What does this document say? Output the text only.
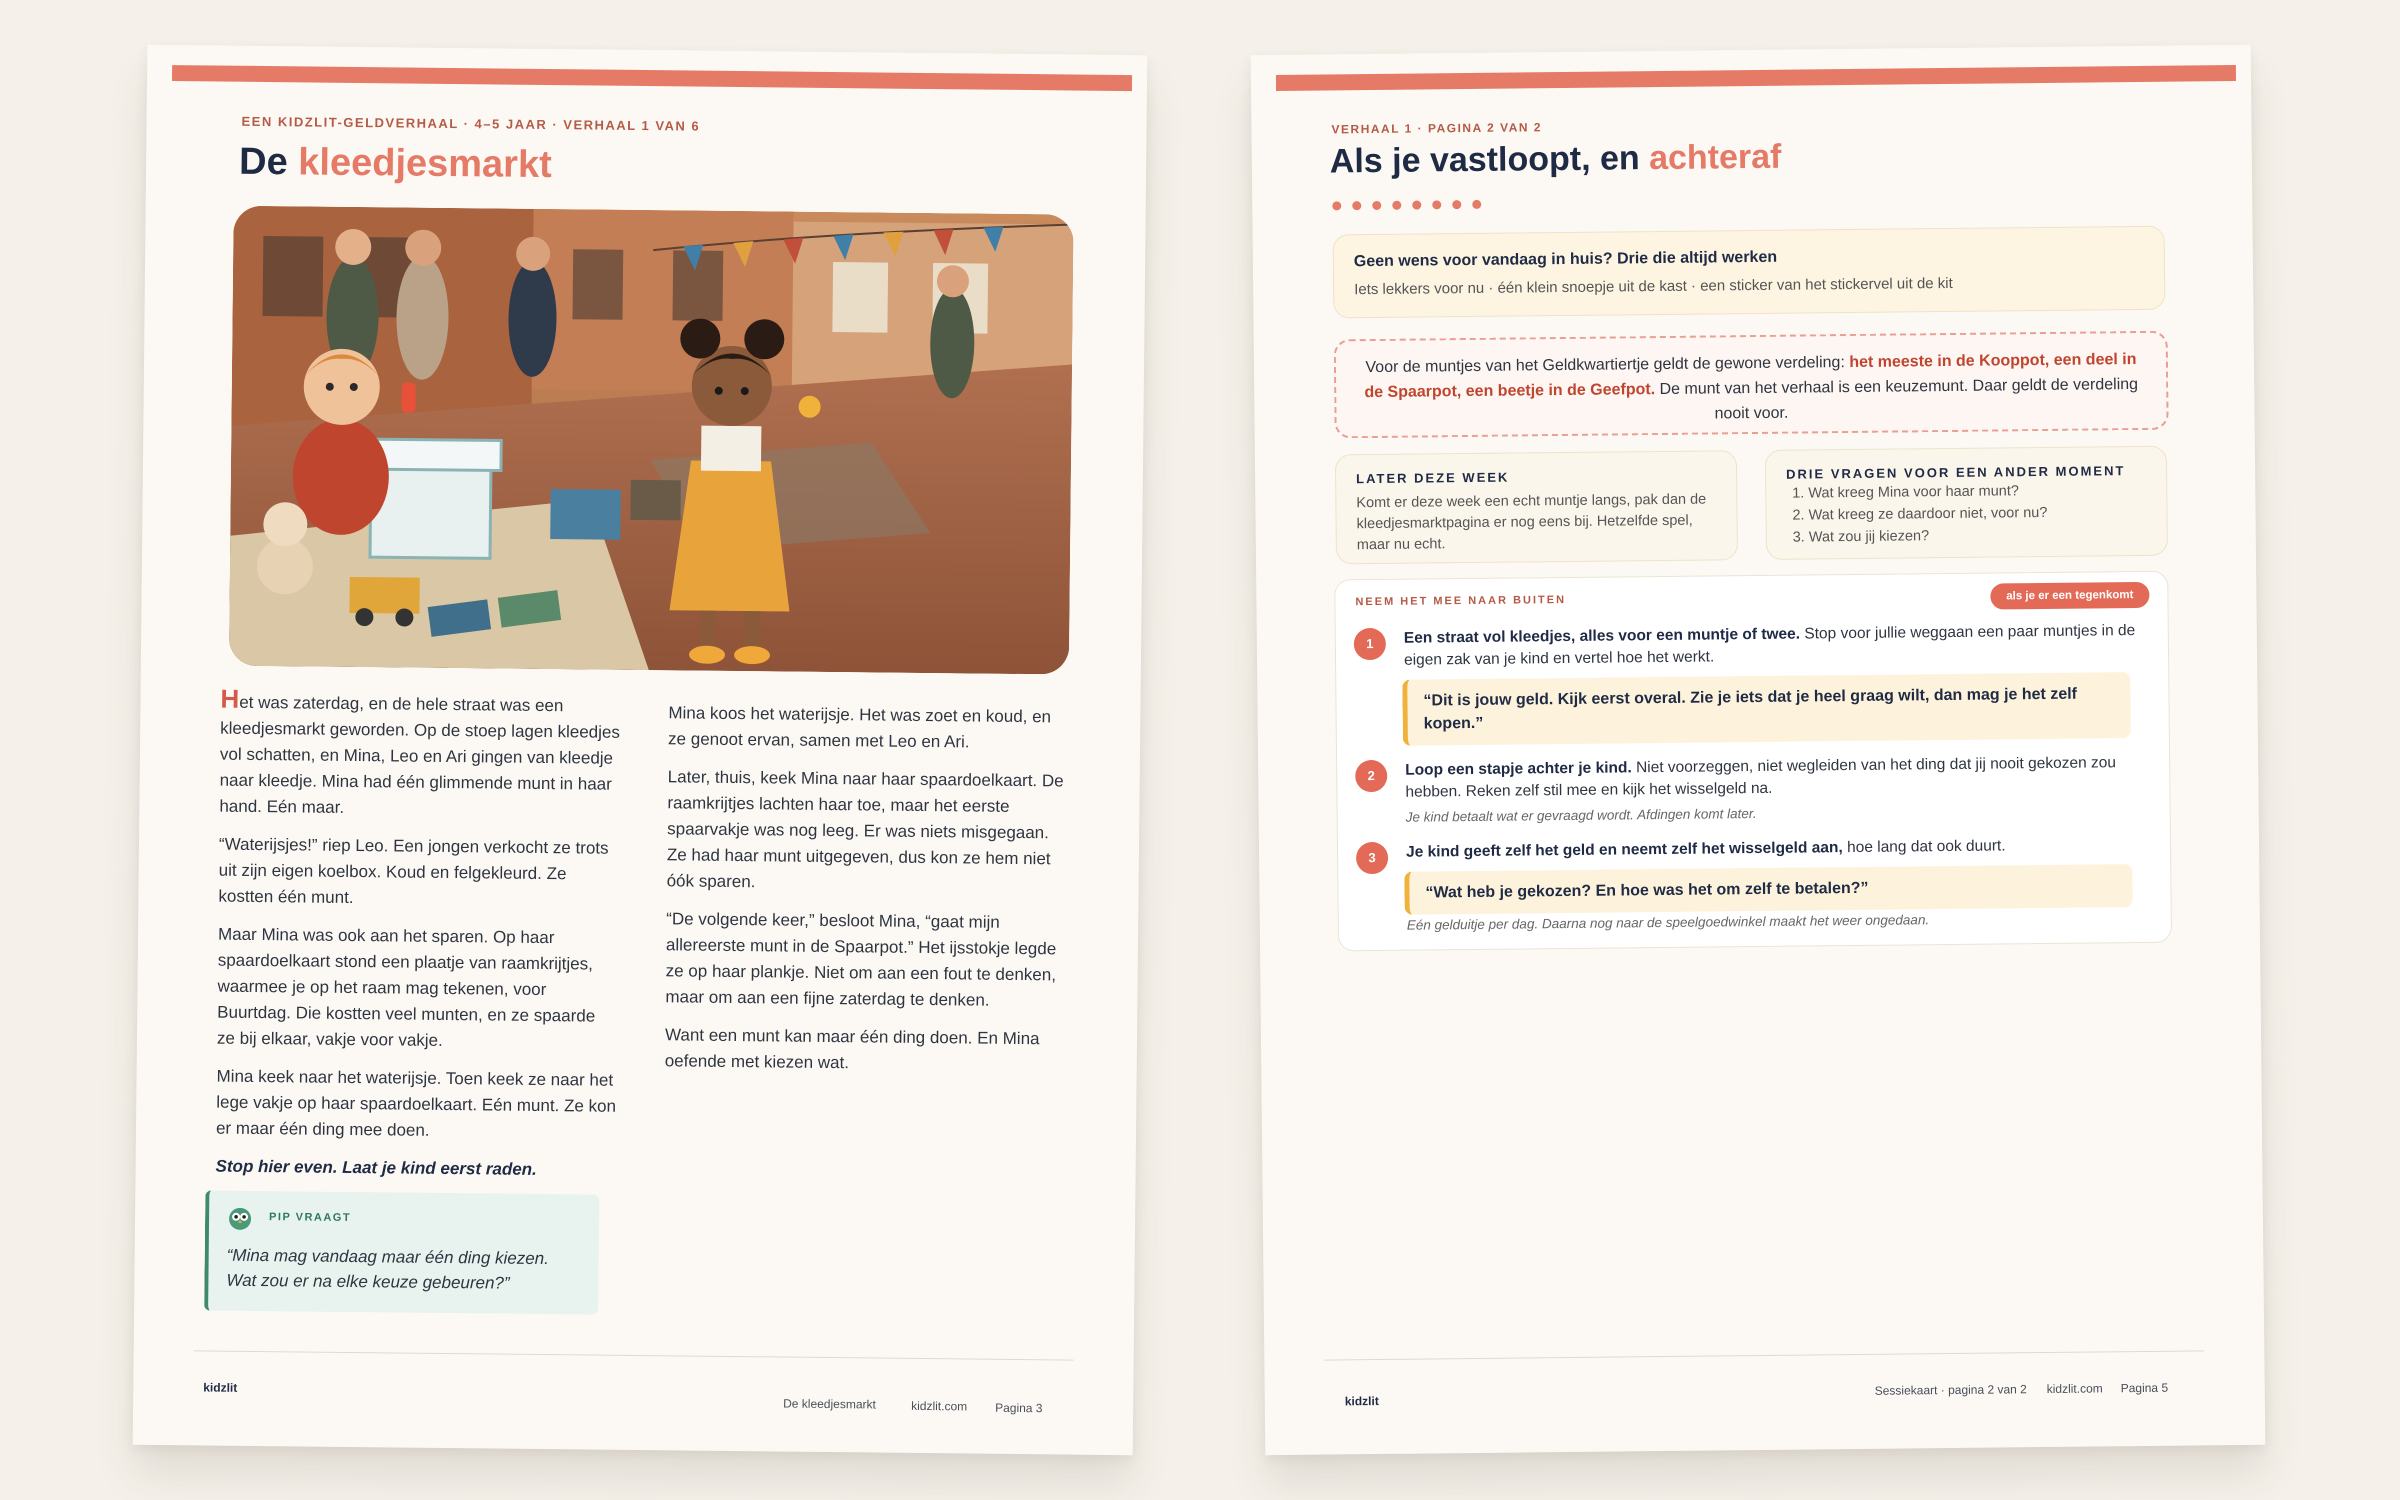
EEN KIDZLIT-GELDVERHAAL · 4–5 JAAR · VERHAAL 1 VAN 6
De kleedjesmarkt

Het was zaterdag, en de hele straat was een kleedjesmarkt geworden. Op de stoep lagen kleedjes vol schatten, en Mina, Leo en Ari gingen van kleedje naar kleedje. Mina had één glimmende munt in haar hand. Eén maar.

“Waterijsjes!” riep Leo. Een jongen verkocht ze trots uit zijn eigen koelbox. Koud en felgekleurd. Ze kostten één munt.

Maar Mina was ook aan het sparen. Op haar spaardoelkaart stond een plaatje van raamkrijtjes, waarmee je op het raam mag tekenen, voor Buurtdag. Die kostten veel munten, en ze spaarde ze bij elkaar, vakje voor vakje.

Mina keek naar het waterijsje. Toen keek ze naar het lege vakje op haar spaardoelkaart. Eén munt. Ze kon er maar één ding mee doen.

Stop hier even. Laat je kind eerst raden.

Mina koos het waterijsje. Het was zoet en koud, en ze genoot ervan, samen met Leo en Ari.

Later, thuis, keek Mina naar haar spaardoelkaart. De raamkrijtjes lachten haar toe, maar het eerste spaarvakje was nog leeg. Er was niets misgegaan. Ze had haar munt uitgegeven, dus kon ze hem niet óók sparen.

“De volgende keer,” besloot Mina, “gaat mijn allereerste munt in de Spaarpot.” Het ijsstokje legde ze op haar plankje. Niet om aan een fout te denken, maar om aan een fijne zaterdag te denken.

Want een munt kan maar één ding doen. En Mina oefende met kiezen wat.

PIP VRAAGT
“Mina mag vandaag maar één ding kiezen. Wat zou er na elke keuze gebeuren?”
kidzlit
De kleedjesmarkt	kidzlit.com Pagina 3
VERHAAL 1 · PAGINA 2 VAN 2
Als je vastloopt, en achteraf
Geen wens voor vandaag in huis? Drie die altijd werken
Iets lekkers voor nu · één klein snoepje uit de kast · een sticker van het stickervel uit de kit
Voor de muntjes van het Geldkwartiertje geldt de gewone verdeling: het meeste in de Kooppot, een deel in de Spaarpot, een beetje in de Geefpot. De munt van het verhaal is een keuzemunt. Daar geldt de verdeling nooit voor.
LATER DEZE WEEK
Komt er deze week een echt muntje langs, pak dan de kleedjesmarktpagina er nog eens bij. Hetzelfde spel, maar nu echt.
DRIE VRAGEN VOOR EEN ANDER MOMENT
1. Wat kreeg Mina voor haar munt?
2. Wat kreeg ze daardoor niet, voor nu?
3. Wat zou jij kiezen?
NEEM HET MEE NAAR BUITEN	als je er een tegenkomt
1	Een straat vol kleedjes, alles voor een muntje of twee. Stop voor jullie weggaan een paar muntjes in de eigen zak van je kind en vertel hoe het werkt.
“Dit is jouw geld. Kijk eerst overal. Zie je iets dat je heel graag wilt, dan mag je het zelf kopen.”
2	Loop een stapje achter je kind. Niet voorzeggen, niet wegleiden van het ding dat jij nooit gekozen zou hebben. Reken zelf stil mee en kijk het wisselgeld na.
Je kind betaalt wat er gevraagd wordt. Afdingen komt later.
3	Je kind geeft zelf het geld en neemt zelf het wisselgeld aan, hoe lang dat ook duurt.
“Wat heb je gekozen? En hoe was het om zelf te betalen?”
Eén gelduitje per dag. Daarna nog naar de speelgoedwinkel maakt het weer ongedaan.
kidzlit
Sessiekaart · pagina 2 van 2 kidzlit.com Pagina 5
